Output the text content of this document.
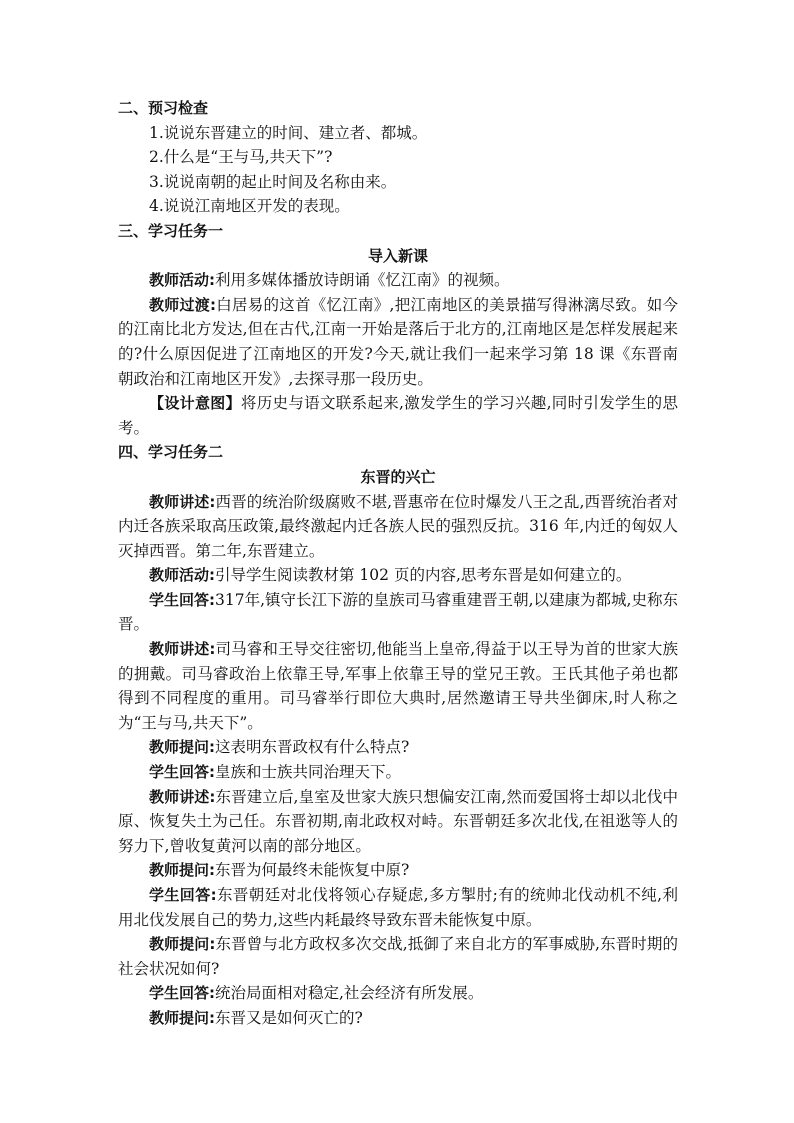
二、预习检查

1.说说东晋建立的时间、建立者、都城。

2.什么是“王与马,共天下”?

3.说说南朝的起止时间及名称由来。

4.说说江南地区开发的表现。

三、学习任务一

导入新课

教师活动:利用多媒体播放诗朗诵《忆江南》的视频。

教师过渡:白居易的这首《忆江南》,把江南地区的美景描写得淋漓尽致。如今的江南比北方发达,但在古代,江南一开始是落后于北方的,江南地区是怎样发展起来的?什么原因促进了江南地区的开发?今天,就让我们一起来学习第 18 课《东晋南朝政治和江南地区开发》,去探寻那一段历史。

【设计意图】将历史与语文联系起来,激发学生的学习兴趣,同时引发学生的思考。

四、学习任务二

东晋的兴亡

教师讲述:西晋的统治阶级腐败不堪,晋惠帝在位时爆发八王之乱,西晋统治者对内迁各族采取高压政策,最终激起内迁各族人民的强烈反抗。316 年,内迁的匈奴人灭掉西晋。第二年,东晋建立。

教师活动:引导学生阅读教材第 102 页的内容,思考东晋是如何建立的。

学生回答:317年,镇守长江下游的皇族司马睿重建晋王朝,以建康为都城,史称东晋。

教师讲述:司马睿和王导交往密切,他能当上皇帝,得益于以王导为首的世家大族的拥戴。司马睿政治上依靠王导,军事上依靠王导的堂兄王敦。王氏其他子弟也都得到不同程度的重用。司马睿举行即位大典时,居然邀请王导共坐御床,时人称之为“王与马,共天下”。

教师提问:这表明东晋政权有什么特点?

学生回答:皇族和士族共同治理天下。

教师讲述:东晋建立后,皇室及世家大族只想偏安江南,然而爱国将士却以北伐中原、恢复失土为己任。东晋初期,南北政权对峙。东晋朝廷多次北伐,在祖逖等人的努力下,曾收复黄河以南的部分地区。

教师提问:东晋为何最终未能恢复中原?

学生回答:东晋朝廷对北伐将领心存疑虑,多方掣肘;有的统帅北伐动机不纯,利用北伐发展自己的势力,这些内耗最终导致东晋未能恢复中原。

教师提问:东晋曾与北方政权多次交战,抵御了来自北方的军事威胁,东晋时期的社会状况如何?

学生回答:统治局面相对稳定,社会经济有所发展。

教师提问:东晋又是如何灭亡的?
